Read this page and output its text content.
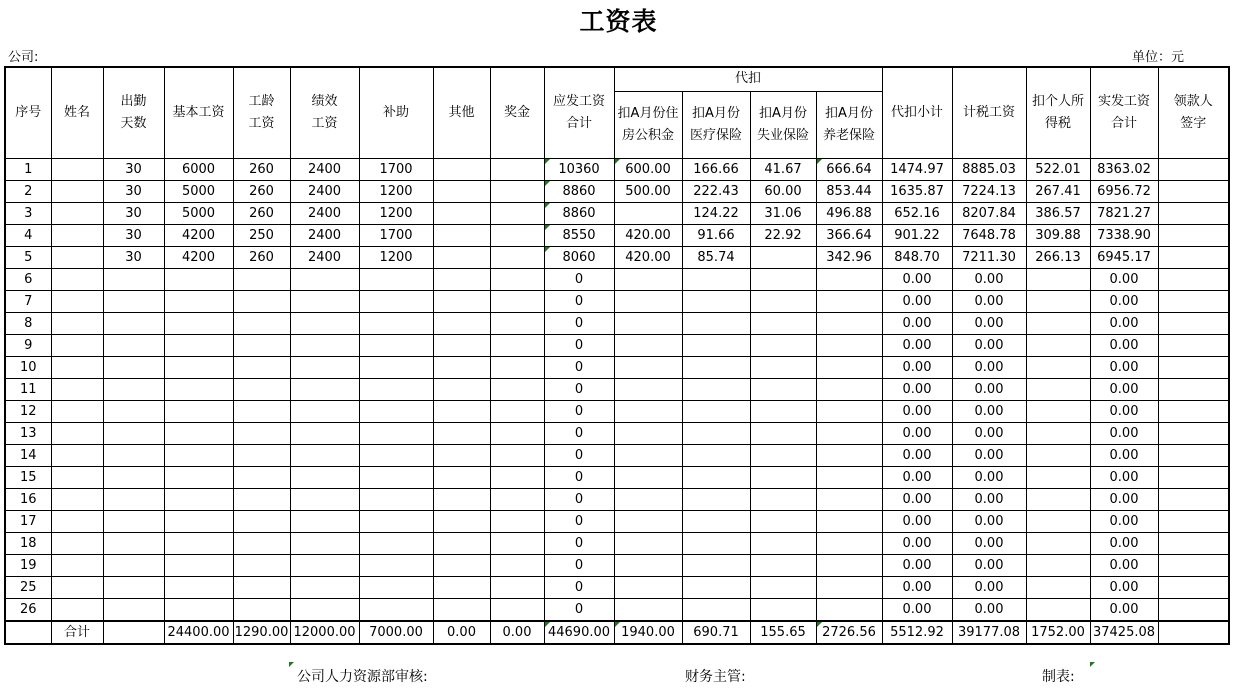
工资表
公司:	单位：元
序号	姓名	出勤天数	基本工资	工龄工资	绩效工资	补助	其他	奖金	应发工资合计	代扣				代扣小计	计税工资	扣个人所得税	实发工资合计	领款人签字

										扣A月份住房公积金	扣A月份医疗保险	扣A月份失业保险	扣A月份养老保险					

1		30	6000	260	2400	1700			10360	600.00	166.66	41.67	666.64	1474.97	8885.03	522.01	8363.02	
2		30	5000	260	2400	1200			8860	500.00	222.43	60.00	853.44	1635.87	7224.13	267.41	6956.72	
3		30	5000	260	2400	1200			8860		124.22	31.06	496.88	652.16	8207.84	386.57	7821.27	
4		30	4200	250	2400	1700			8550	420.00	91.66	22.92	366.64	901.22	7648.78	309.88	7338.90	
5		30	4200	260	2400	1200			8060	420.00	85.74		342.96	848.70	7211.30	266.13	6945.17	
6									0					0.00	0.00		0.00	
7									0					0.00	0.00		0.00	
8									0					0.00	0.00		0.00	
9									0					0.00	0.00		0.00	
10									0					0.00	0.00		0.00	
11									0					0.00	0.00		0.00	
12									0					0.00	0.00		0.00	
13									0					0.00	0.00		0.00	
14									0					0.00	0.00		0.00	
15									0					0.00	0.00		0.00	
16									0					0.00	0.00		0.00	
17									0					0.00	0.00		0.00	
18									0					0.00	0.00		0.00	
19									0					0.00	0.00		0.00	
25									0					0.00	0.00		0.00	
26									0					0.00	0.00		0.00	
	合计		24400.00	1290.00	12000.00	7000.00	0.00	0.00	44690.00	1940.00	690.71	155.65	2726.56	5512.92	39177.08	1752.00	37425.08	
公司人力资源部审核:	财务主管:	制表:
